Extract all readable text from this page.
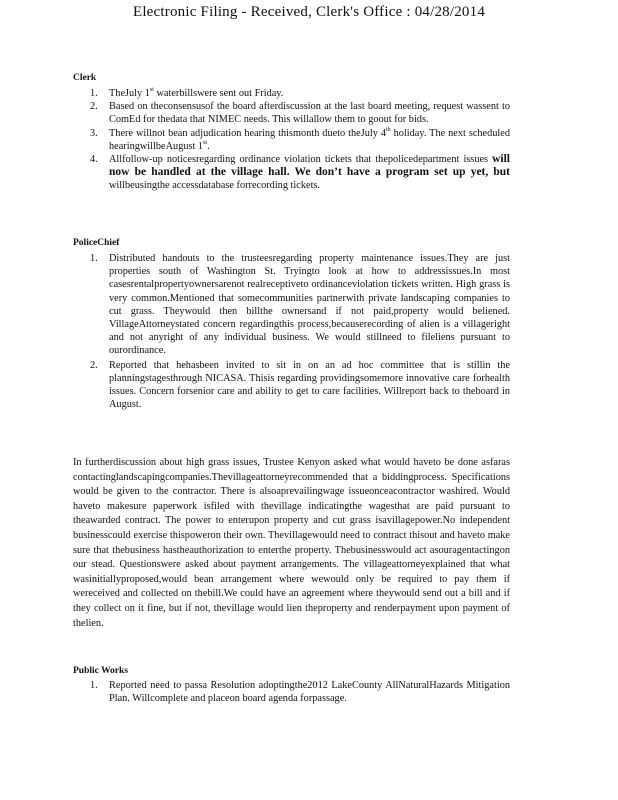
Electronic Filing - Received, Clerk's Office : 04/28/2014
Clerk
1. TheJuly 1st waterbillswere sent out Friday.
2. Based on theconsensusof the board afterdiscussion at the last board meeting, request wassent to ComEd for thedata that NIMEC needs. This willallow them to goout for bids.
3. There willnot bean adjudication hearing thismonth dueto theJuly 4th holiday. The next scheduled hearingwillbeAugust 1st.
4. Allfollow-up noticesregarding ordinance violation tickets that thepolicedepartment issues will now be handled at the village hall. We don’t have a program set up yet, but willbeusingthe accessdatabase forrecording tickets.
PoliceChief
1. Distributed handouts to the trusteesregarding property maintenance issues.They are just properties south of Washington St. Tryingto look at how to addressissues.In most casesrentalpropertyownersarenot realreceptiveto ordinanceviolation tickets written. High grass is very common.Mentioned that somecommunities partnerwith private landscaping companies to cut grass. Theywould then billthe ownersand if not paid,property would beliened. VillageAttorneystated concern regardingthis process,becauserecording of alien is a villageright and not anyright of any individual business. We would stillneed to fileliens pursuant to ourordinance.
2. Reported that hehasbeen invited to sit in on an ad hoc committee that is stillin the planningstagesthrough NICASA. Thisis regarding providingsomemore innovative care forhealth issues. Concern forsenior care and ability to get to care facilities. Willreport back to theboard in August.

In furtherdiscussion about high grass issues, Trustee Kenyon asked what would haveto be done asfaras contactinglandscapingcompanies.Thevillageattorneyrecommended that a biddingprocess. Specifications would be given to the contractor. There is alsoaprevailingwage issueonceacontractor washired. Would haveto makesure paperwork isfiled with thevillage indicatingthe wagesthat are paid pursuant to theawarded contract. The power to enterupon property and cut grass isavillagepower.No independent businesscould exercise thispoweron their own. Thevillagewould need to contract thisout and haveto make sure that thebusiness hastheauthorization to enterthe property. Thebusinesswould act asouragentactingon our stead. Questionswere asked about payment arrangements. The villageattorneyexplained that what wasinitiallyproposed,would bean arrangement where wewould only be required to pay them if wereceived and collected on thebill.We could have an agreement where theywould send out a bill and if they collect on it fine, but if not, thevillage would lien theproperty and renderpayment upon payment of thelien.

Public Works
1. Reported need to passa Resolution adoptingthe2012 LakeCounty AllNaturalHazards Mitigation Plan. Willcomplete and placeon board agenda forpassage.
